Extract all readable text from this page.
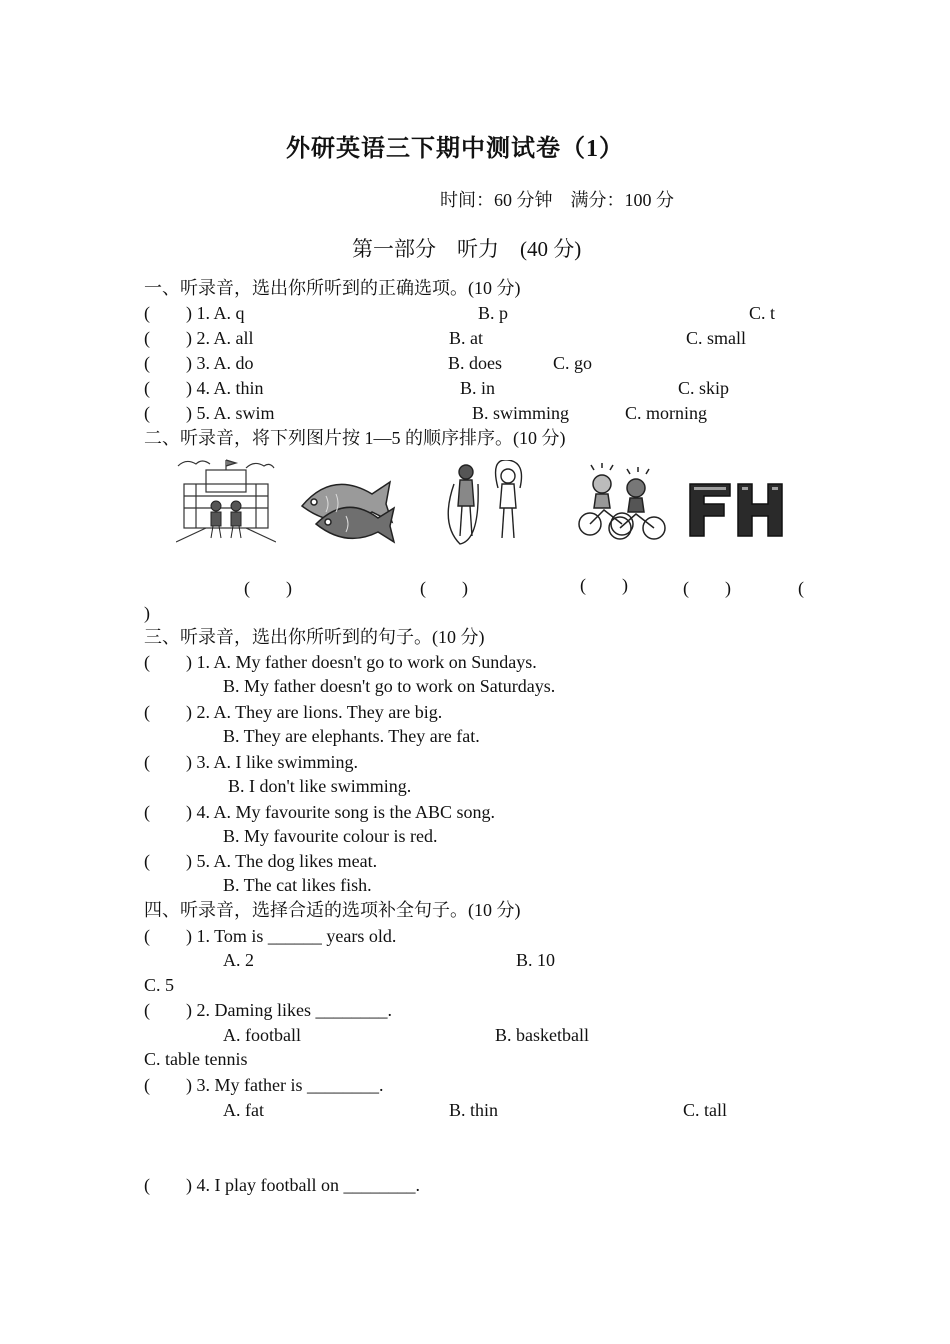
外研英语三下期中测试卷（1）
时间：60 分钟　满分：100 分
第一部分　听力　(40 分)
一、听录音，选出你所听到的正确选项。(10 分)
(　　) 1. A. q	B. p	C. t
(　　) 2. A. all	B. at	C. small
(　　) 3. A. do	B. does	C. go
(　　) 4. A. thin	B. in	C. skip
(　　) 5. A. swim	B. swimming	C. morning
二、听录音，将下列图片按 1—5 的顺序排序。(10 分)
(　　)	(　　)	(　　)	(　　)	(
)
三、听录音，选出你所听到的句子。(10 分)
(　　) 1. A. My father doesn't go to work on Sundays.
B. My father doesn't go to work on Saturdays.
(　　) 2. A. They are lions. They are big.
B. They are elephants. They are fat.
(　　) 3. A. I like swimming.
B. I don't like swimming.
(　　) 4. A. My favourite song is the ABC song.
B. My favourite colour is red.
(　　) 5. A. The dog likes meat.
B. The cat likes fish.
四、听录音，选择合适的选项补全句子。(10 分)
(　　) 1. Tom is ______ years old.
A. 2	B. 10
C. 5
(　　) 2. Daming likes ________.
A. football	B. basketball
C. table tennis
(　　) 3. My father is ________.
A. fat	B. thin	C. tall
(　　) 4. I play football on ________.
